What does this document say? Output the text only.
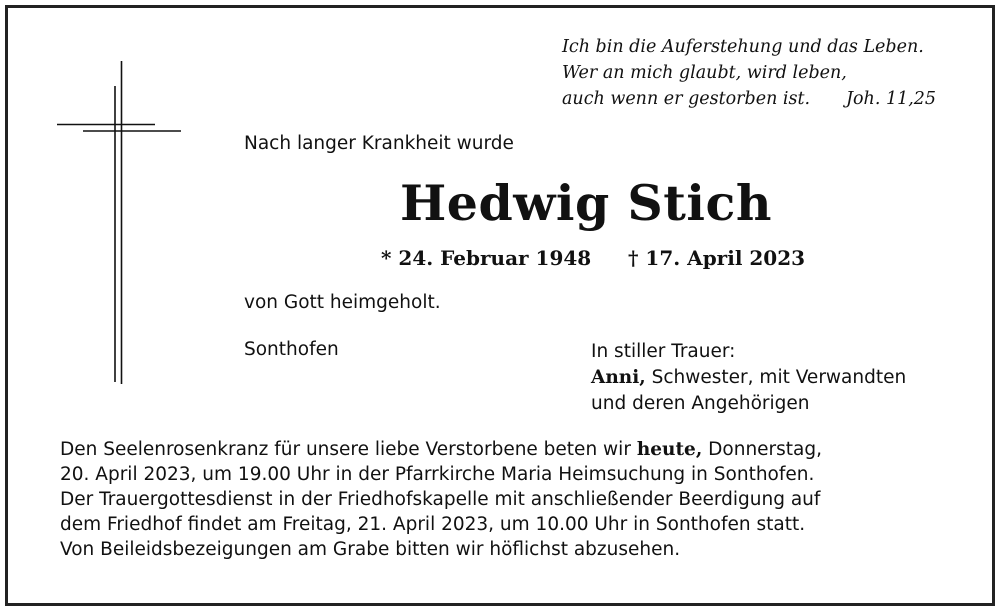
Ich bin die Auferstehung und das Leben.
Wer an mich glaubt, wird leben,
auch wenn er gestorben ist.	Joh. 11,25
Nach langer Krankheit wurde
Hedwig Stich
* 24. Februar 1948 † 17. April 2023
von Gott heimgeholt.
Sonthofen	In stiller Trauer:
Anni, Schwester, mit Verwandten
und deren Angehörigen
Den Seelenrosenkranz für unsere liebe Verstorbene beten wir heute, Donnerstag,
20. April 2023, um 19.00 Uhr in der Pfarrkirche Maria Heimsuchung in Sonthofen.
Der Trauergottesdienst in der Friedhofskapelle mit anschließender Beerdigung auf
dem Friedhof findet am Freitag, 21. April 2023, um 10.00 Uhr in Sonthofen statt.
Von Beileidsbezeigungen am Grabe bitten wir höflichst abzusehen.
